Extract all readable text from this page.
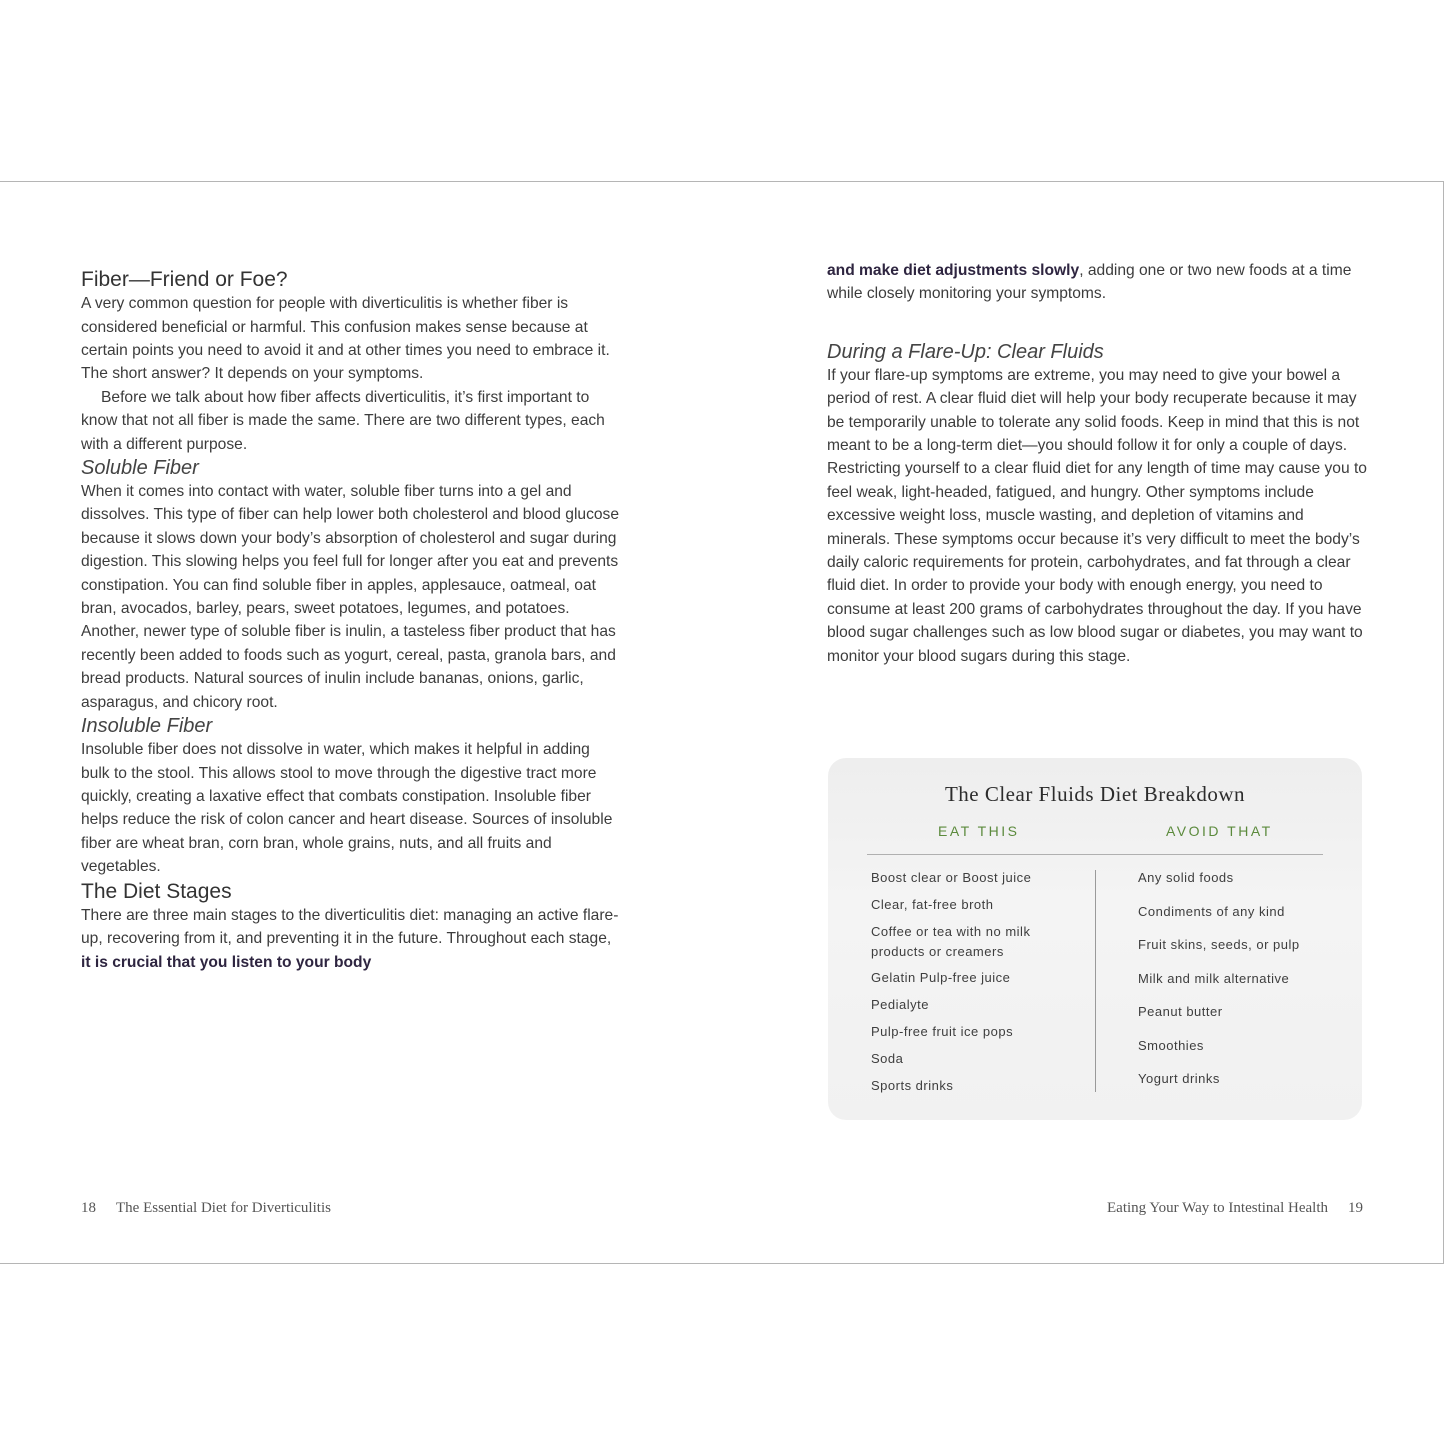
Fiber—Friend or Foe?

A very common question for people with diverticulitis is whether fiber is considered beneficial or harmful. This confusion makes sense because at certain points you need to avoid it and at other times you need to embrace it. The short answer? It depends on your symptoms.

Before we talk about how fiber affects diverticulitis, it’s first important to know that not all fiber is made the same. There are two different types, each with a different purpose.

Soluble Fiber

When it comes into contact with water, soluble fiber turns into a gel and dissolves. This type of fiber can help lower both cholesterol and blood glucose because it slows down your body’s absorption of cholesterol and sugar during digestion. This slowing helps you feel full for longer after you eat and prevents constipation. You can find soluble fiber in apples, applesauce, oatmeal, oat bran, avocados, barley, pears, sweet potatoes, legumes, and potatoes. Another, newer type of soluble fiber is inulin, a tasteless fiber product that has recently been added to foods such as yogurt, cereal, pasta, granola bars, and bread products. Natural sources of inulin include bananas, onions, garlic, asparagus, and chicory root.

Insoluble Fiber

Insoluble fiber does not dissolve in water, which makes it helpful in adding bulk to the stool. This allows stool to move through the digestive tract more quickly, creating a laxative effect that combats constipation. Insoluble fiber helps reduce the risk of colon cancer and heart disease. Sources of insoluble fiber are wheat bran, corn bran, whole grains, nuts, and all fruits and vegetables.

The Diet Stages

There are three main stages to the diverticulitis diet: managing an active flare-up, recovering from it, and preventing it in the future. Throughout each stage, it is crucial that you listen to your body

and make diet adjustments slowly, adding one or two new foods at a time while closely monitoring your symptoms.

During a Flare-Up: Clear Fluids

If your flare-up symptoms are extreme, you may need to give your bowel a period of rest. A clear fluid diet will help your body recuperate because it may be temporarily unable to tolerate any solid foods. Keep in mind that this is not meant to be a long-term diet—you should follow it for only a couple of days. Restricting yourself to a clear fluid diet for any length of time may cause you to feel weak, light-headed, fatigued, and hungry. Other symptoms include excessive weight loss, muscle wasting, and depletion of vitamins and minerals. These symptoms occur because it’s very difficult to meet the body’s daily caloric requirements for protein, carbohydrates, and fat through a clear fluid diet. In order to provide your body with enough energy, you need to consume at least 200 grams of carbohydrates throughout the day. If you have blood sugar challenges such as low blood sugar or diabetes, you may want to monitor your blood sugars during this stage.

The Clear Fluids Diet Breakdown
EAT THIS	AVOID THAT
Boost clear or Boost juice
Clear, fat-free broth
Coffee or tea with no milk products or creamers
Gelatin Pulp-free juice
Pedialyte
Pulp-free fruit ice pops
Soda
Sports drinks
Any solid foods
Condiments of any kind
Fruit skins, seeds, or pulp
Milk and milk alternative
Peanut butter
Smoothies
Yogurt drinks
18 The Essential Diet for Diverticulitis	Eating Your Way to Intestinal Health 19
